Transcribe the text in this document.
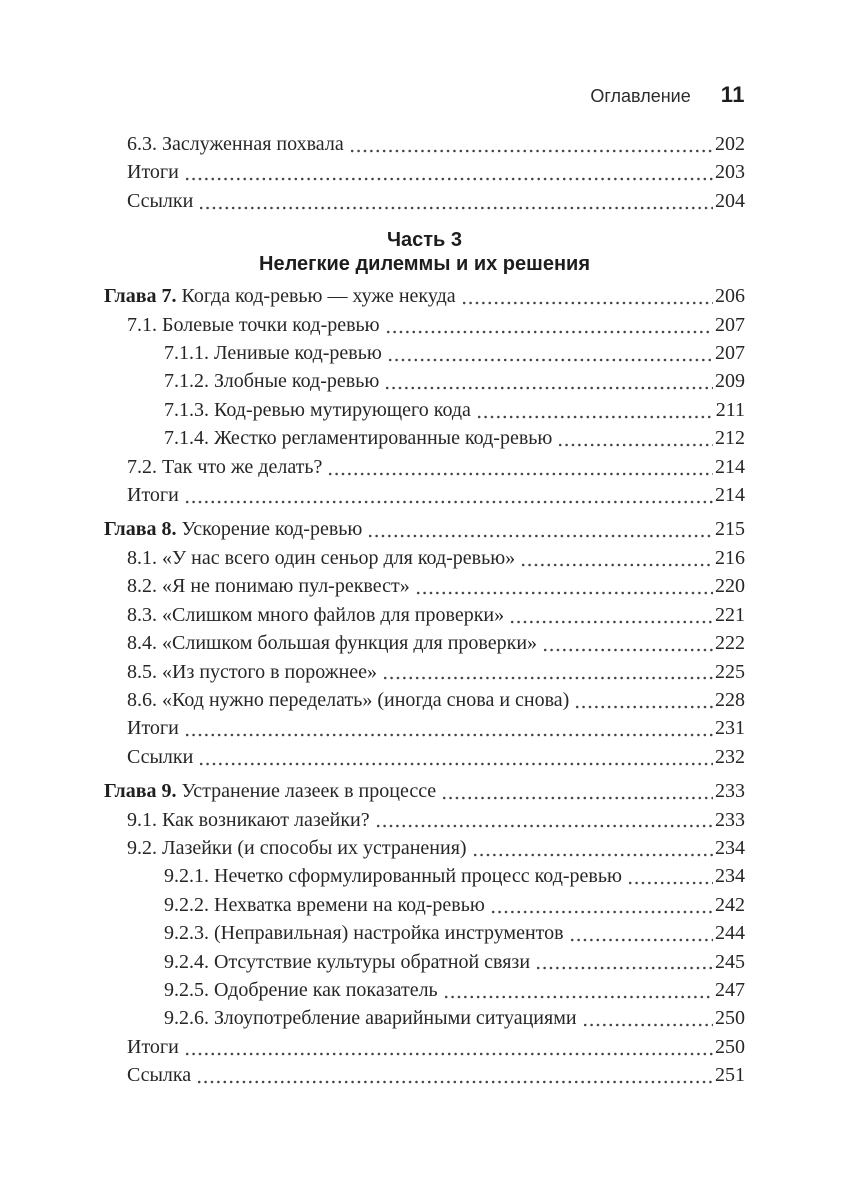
Оглавление 11
6.3. Заслуженная похвала	202
Итоги	203
Ссылки	204
Часть 3
Нелегкие дилеммы и их решения
Глава 7. Когда код-ревью — хуже некуда	206
7.1. Болевые точки код-ревью	207
7.1.1. Ленивые код-ревью	207
7.1.2. Злобные код-ревью	209
7.1.3. Код-ревью мутирующего кода	211
7.1.4. Жестко регламентированные код-ревью	212
7.2. Так что же делать?	214
Итоги	214
Глава 8. Ускорение код-ревью	215
8.1. «У нас всего один сеньор для код-ревью»	216
8.2. «Я не понимаю пул-реквест»	220
8.3. «Слишком много файлов для проверки»	221
8.4. «Слишком большая функция для проверки»	222
8.5. «Из пустого в порожнее»	225
8.6. «Код нужно переделать» (иногда снова и снова)	228
Итоги	231
Ссылки	232
Глава 9. Устранение лазеек в процессе	233
9.1. Как возникают лазейки?	233
9.2. Лазейки (и способы их устранения)	234
9.2.1. Нечетко сформулированный процесс код-ревью	234
9.2.2. Нехватка времени на код-ревью	242
9.2.3. (Неправильная) настройка инструментов	244
9.2.4. Отсутствие культуры обратной связи	245
9.2.5. Одобрение как показатель	247
9.2.6. Злоупотребление аварийными ситуациями	250
Итоги	250
Ссылка	251
